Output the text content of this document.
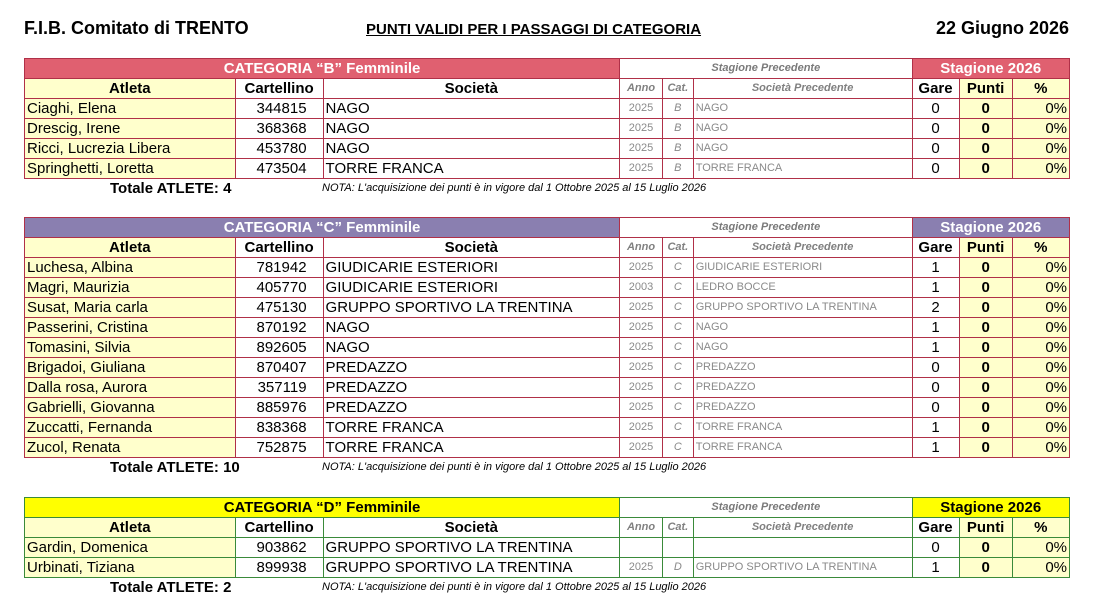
F.I.B. Comitato di TRENTO	PUNTI VALIDI PER I PASSAGGI DI CATEGORIA	22 Giugno 2026
CATEGORIA “B” Femminile			Stagione Precedente			Stagione 2026		
Atleta	Cartellino	Società	Anno	Cat.	Società Precedente	Gare	Punti	%
Ciaghi, Elena	344815	NAGO	2025	B	NAGO	0	0	0%
Drescig, Irene	368368	NAGO	2025	B	NAGO	0	0	0%
Ricci, Lucrezia Libera	453780	NAGO	2025	B	NAGO	0	0	0%
Springhetti, Loretta	473504	TORRE FRANCA	2025	B	TORRE FRANCA	0	0	0%
Totale ATLETE: 4	NOTA: L'acquisizione dei punti è in vigore dal 1 Ottobre 2025 al 15 Luglio 2026
CATEGORIA “C” Femminile			Stagione Precedente			Stagione 2026		
Atleta	Cartellino	Società	Anno	Cat.	Società Precedente	Gare	Punti	%
Luchesa, Albina	781942	GIUDICARIE ESTERIORI	2025	C	GIUDICARIE ESTERIORI	1	0	0%
Magri, Maurizia	405770	GIUDICARIE ESTERIORI	2003	C	LEDRO BOCCE	1	0	0%
Susat, Maria carla	475130	GRUPPO SPORTIVO LA TRENTINA	2025	C	GRUPPO SPORTIVO LA TRENTINA	2	0	0%
Passerini, Cristina	870192	NAGO	2025	C	NAGO	1	0	0%
Tomasini, Silvia	892605	NAGO	2025	C	NAGO	1	0	0%
Brigadoi, Giuliana	870407	PREDAZZO	2025	C	PREDAZZO	0	0	0%
Dalla rosa, Aurora	357119	PREDAZZO	2025	C	PREDAZZO	0	0	0%
Gabrielli, Giovanna	885976	PREDAZZO	2025	C	PREDAZZO	0	0	0%
Zuccatti, Fernanda	838368	TORRE FRANCA	2025	C	TORRE FRANCA	1	0	0%
Zucol, Renata	752875	TORRE FRANCA	2025	C	TORRE FRANCA	1	0	0%
Totale ATLETE: 10	NOTA: L'acquisizione dei punti è in vigore dal 1 Ottobre 2025 al 15 Luglio 2026
CATEGORIA “D” Femminile			Stagione Precedente			Stagione 2026		
Atleta	Cartellino	Società	Anno	Cat.	Società Precedente	Gare	Punti	%
Gardin, Domenica	903862	GRUPPO SPORTIVO LA TRENTINA				0	0	0%
Urbinati, Tiziana	899938	GRUPPO SPORTIVO LA TRENTINA	2025	D	GRUPPO SPORTIVO LA TRENTINA	1	0	0%
Totale ATLETE: 2	NOTA: L'acquisizione dei punti è in vigore dal 1 Ottobre 2025 al 15 Luglio 2026
